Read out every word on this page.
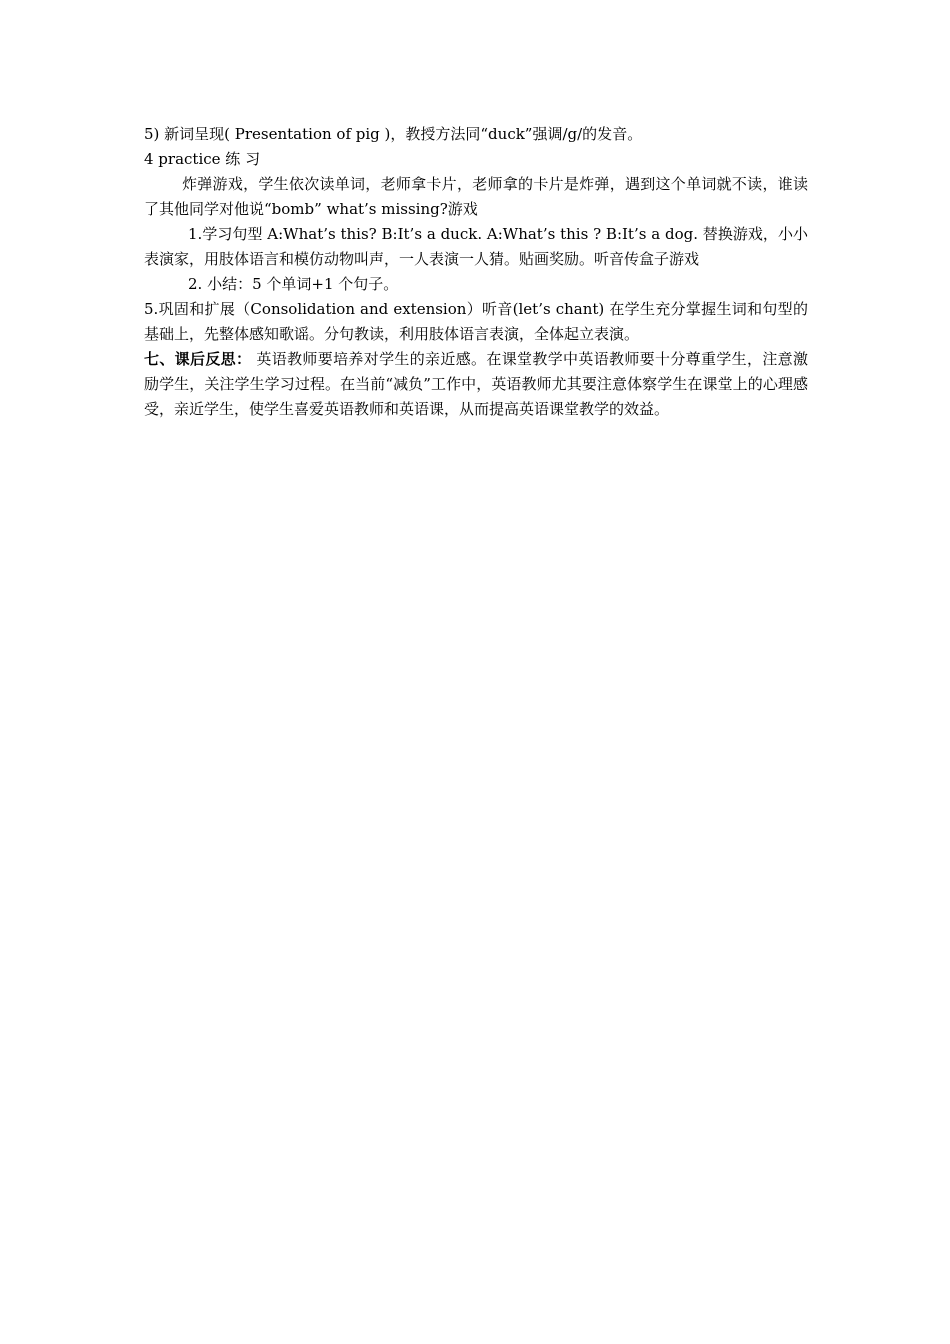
5) 新词呈现( Presentation of pig )，教授方法同“duck”强调/g/的发音。

4 practice 练 习

炸弹游戏，学生依次读单词，老师拿卡片，老师拿的卡片是炸弹，遇到这个单词就不读，谁读了其他同学对他说“bomb” what’s missing?游戏

1.学习句型 A:What’s this? B:It’s a duck. A:What’s this ? B:It’s a dog. 替换游戏，小小表演家，用肢体语言和模仿动物叫声，一人表演一人猜。贴画奖励。听音传盒子游戏

2. 小结：5 个单词+1 个句子。

5.巩固和扩展（Consolidation and extension）听音(let’s chant) 在学生充分掌握生词和句型的基础上，先整体感知歌谣。分句教读，利用肢体语言表演，全体起立表演。

七、课后反思： 英语教师要培养对学生的亲近感。在课堂教学中英语教师要十分尊重学生，注意激励学生，关注学生学习过程。在当前“减负”工作中，英语教师尤其要注意体察学生在课堂上的心理感受，亲近学生，使学生喜爱英语教师和英语课，从而提高英语课堂教学的效益。
